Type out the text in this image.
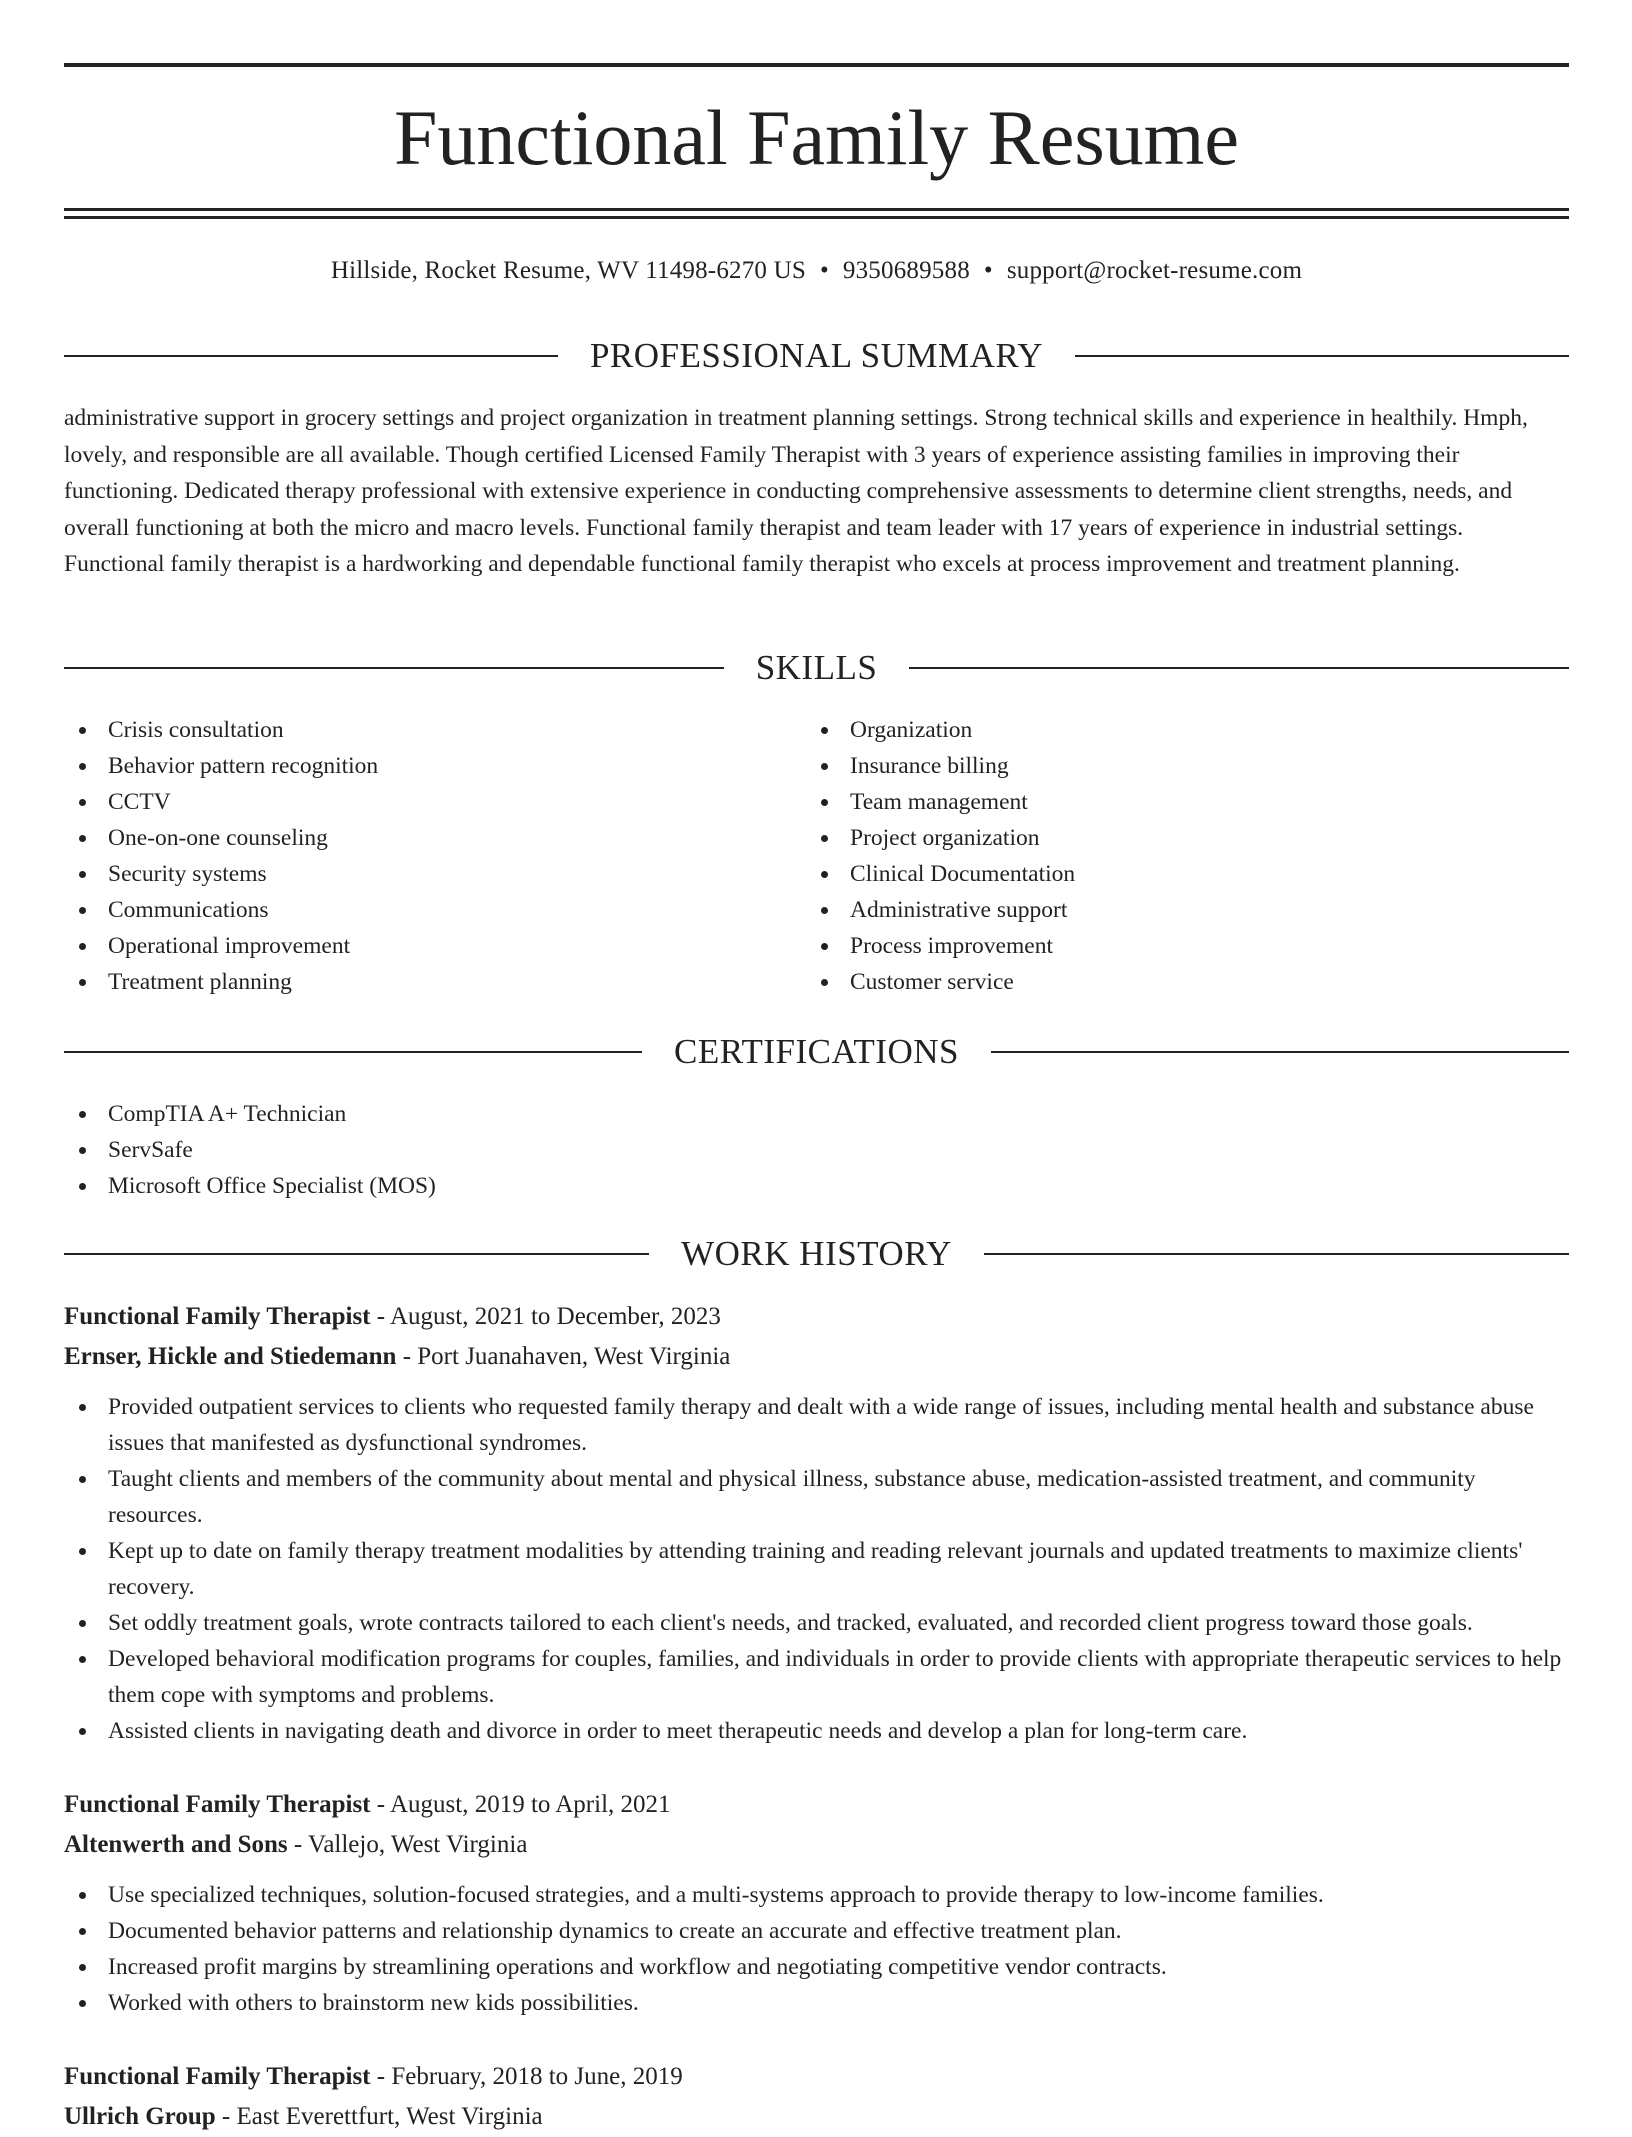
Functional Family Resume
Hillside, Rocket Resume, WV 11498-6270 US • 9350689588 • support@rocket-resume.com
PROFESSIONAL SUMMARY

administrative support in grocery settings and project organization in treatment planning settings. Strong technical skills and experience in healthily. Hmph, lovely, and responsible are all available. Though certified Licensed Family Therapist with 3 years of experience assisting families in improving their functioning. Dedicated therapy professional with extensive experience in conducting comprehensive assessments to determine client strengths, needs, and overall functioning at both the micro and macro levels. Functional family therapist and team leader with 17 years of experience in industrial settings. Functional family therapist is a hardworking and dependable functional family therapist who excels at process improvement and treatment planning.

SKILLS
Crisis consultation
Behavior pattern recognition
CCTV
One-on-one counseling
Security systems
Communications
Operational improvement
Treatment planning
Organization
Insurance billing
Team management
Project organization
Clinical Documentation
Administrative support
Process improvement
Customer service
CERTIFICATIONS
CompTIA A+ Technician
ServSafe
Microsoft Office Specialist (MOS)
WORK HISTORY
Functional Family Therapist - August, 2021 to December, 2023
Ernser, Hickle and Stiedemann - Port Juanahaven, West Virginia
Provided outpatient services to clients who requested family therapy and dealt with a wide range of issues, including mental health and substance abuse issues that manifested as dysfunctional syndromes.
Taught clients and members of the community about mental and physical illness, substance abuse, medication-assisted treatment, and community resources.
Kept up to date on family therapy treatment modalities by attending training and reading relevant journals and updated treatments to maximize clients' recovery.
Set oddly treatment goals, wrote contracts tailored to each client's needs, and tracked, evaluated, and recorded client progress toward those goals.
Developed behavioral modification programs for couples, families, and individuals in order to provide clients with appropriate therapeutic services to help them cope with symptoms and problems.
Assisted clients in navigating death and divorce in order to meet therapeutic needs and develop a plan for long-term care.
Functional Family Therapist - August, 2019 to April, 2021
Altenwerth and Sons - Vallejo, West Virginia
Use specialized techniques, solution-focused strategies, and a multi-systems approach to provide therapy to low-income families.
Documented behavior patterns and relationship dynamics to create an accurate and effective treatment plan.
Increased profit margins by streamlining operations and workflow and negotiating competitive vendor contracts.
Worked with others to brainstorm new kids possibilities.
Functional Family Therapist - February, 2018 to June, 2019
Ullrich Group - East Everettfurt, West Virginia
